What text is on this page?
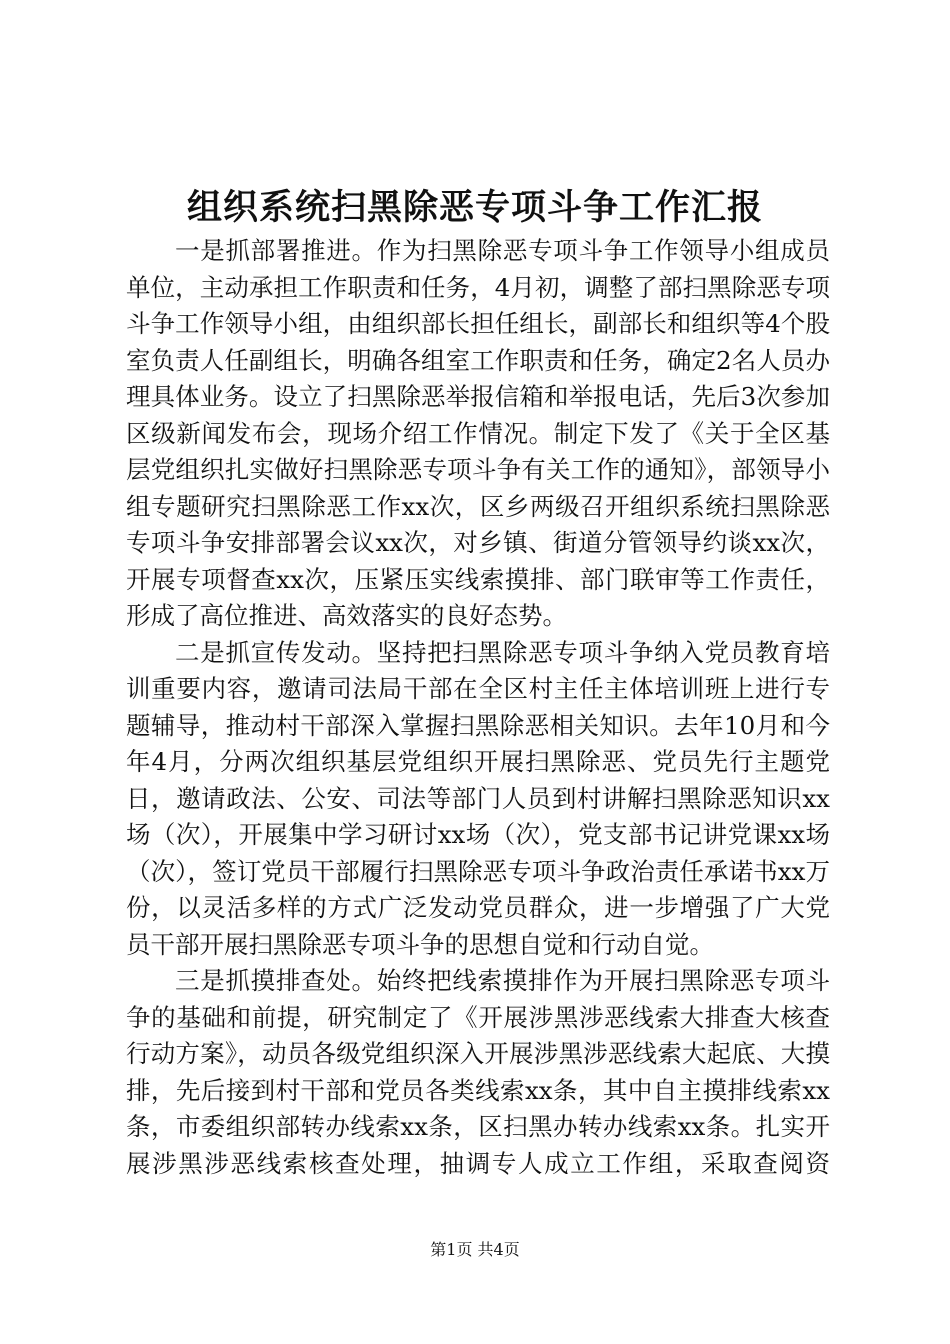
组织系统扫黑除恶专项斗争工作汇报

一是抓部署推进。作为扫黑除恶专项斗争工作领导小组成员单位，主动承担工作职责和任务，4月初，调整了部扫黑除恶专项斗争工作领导小组，由组织部长担任组长，副部长和组织等4个股室负责人任副组长，明确各组室工作职责和任务，确定2名人员办理具体业务。设立了扫黑除恶举报信箱和举报电话，先后3次参加区级新闻发布会，现场介绍工作情况。制定下发了《关于全区基层党组织扎实做好扫黑除恶专项斗争有关工作的通知》，部领导小组专题研究扫黑除恶工作xx次，区乡两级召开组织系统扫黑除恶专项斗争安排部署会议xx次，对乡镇、街道分管领导约谈xx次，开展专项督查xx次，压紧压实线索摸排、部门联审等工作责任，形成了高位推进、高效落实的良好态势。

二是抓宣传发动。坚持把扫黑除恶专项斗争纳入党员教育培训重要内容，邀请司法局干部在全区村主任主体培训班上进行专题辅导，推动村干部深入掌握扫黑除恶相关知识。去年10月和今年4月，分两次组织基层党组织开展扫黑除恶、党员先行主题党日，邀请政法、公安、司法等部门人员到村讲解扫黑除恶知识xx场（次），开展集中学习研讨xx场（次），党支部书记讲党课xx场（次），签订党员干部履行扫黑除恶专项斗争政治责任承诺书xx万份，以灵活多样的方式广泛发动党员群众，进一步增强了广大党员干部开展扫黑除恶专项斗争的思想自觉和行动自觉。

三是抓摸排查处。始终把线索摸排作为开展扫黑除恶专项斗争的基础和前提，研究制定了《开展涉黑涉恶线索大排查大核查行动方案》，动员各级党组织深入开展涉黑涉恶线索大起底、大摸排，先后接到村干部和党员各类线索xx条，其中自主摸排线索xx条，市委组织部转办线索xx条，区扫黑办转办线索xx条。扎实开展涉黑涉恶线索核查处理，抽调专人成立工作组，采取查阅资

第1页 共4页
